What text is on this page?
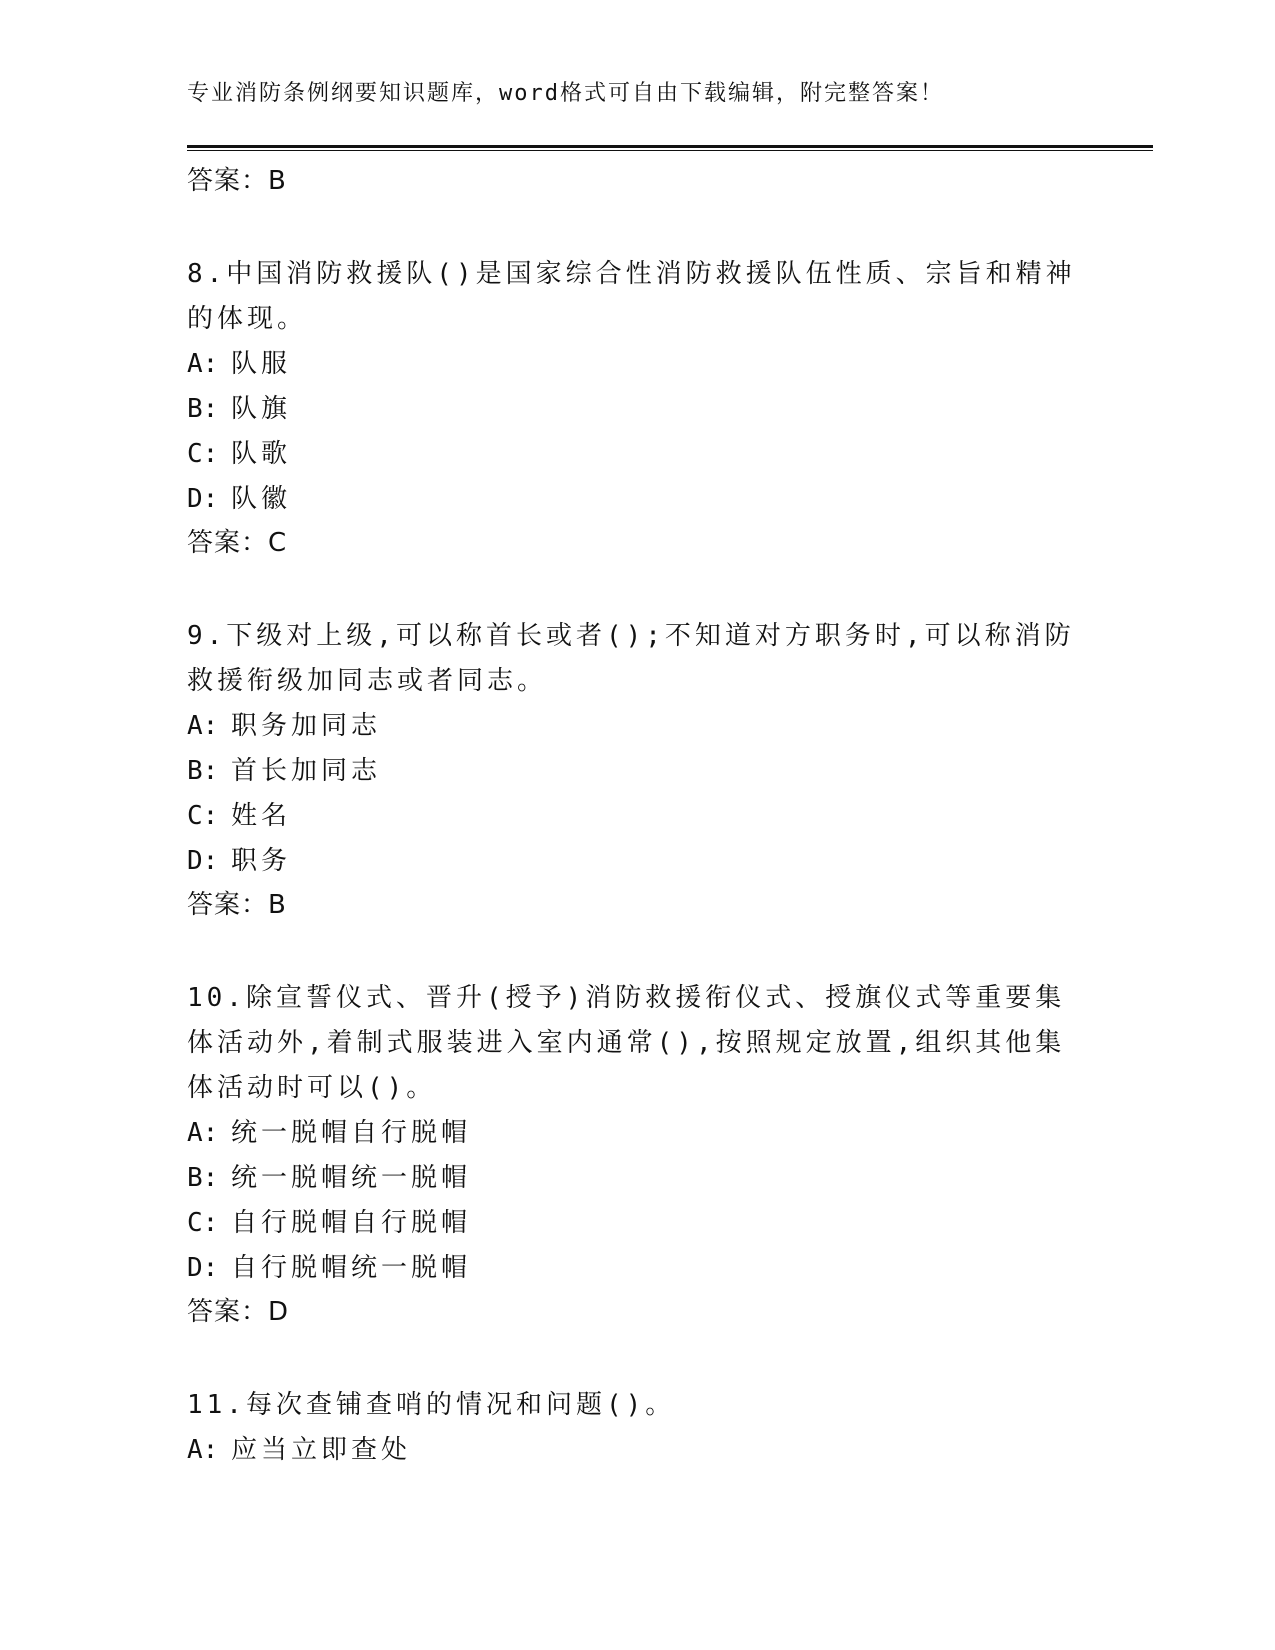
专业消防条例纲要知识题库，word格式可自由下载编辑，附完整答案！
答案：B
8.中国消防救援队()是国家综合性消防救援队伍性质、宗旨和精神的体现。
A: 队服
B: 队旗
C: 队歌
D: 队徽
答案：C
9.下级对上级,可以称首长或者();不知道对方职务时,可以称消防救援衔级加同志或者同志。
A: 职务加同志
B: 首长加同志
C: 姓名
D: 职务
答案：B
10.除宣誓仪式、晋升(授予)消防救援衔仪式、授旗仪式等重要集体活动外,着制式服装进入室内通常(),按照规定放置,组织其他集体活动时可以()。
A: 统一脱帽自行脱帽
B: 统一脱帽统一脱帽
C: 自行脱帽自行脱帽
D: 自行脱帽统一脱帽
答案：D
11.每次查铺查哨的情况和问题()。
A: 应当立即查处
